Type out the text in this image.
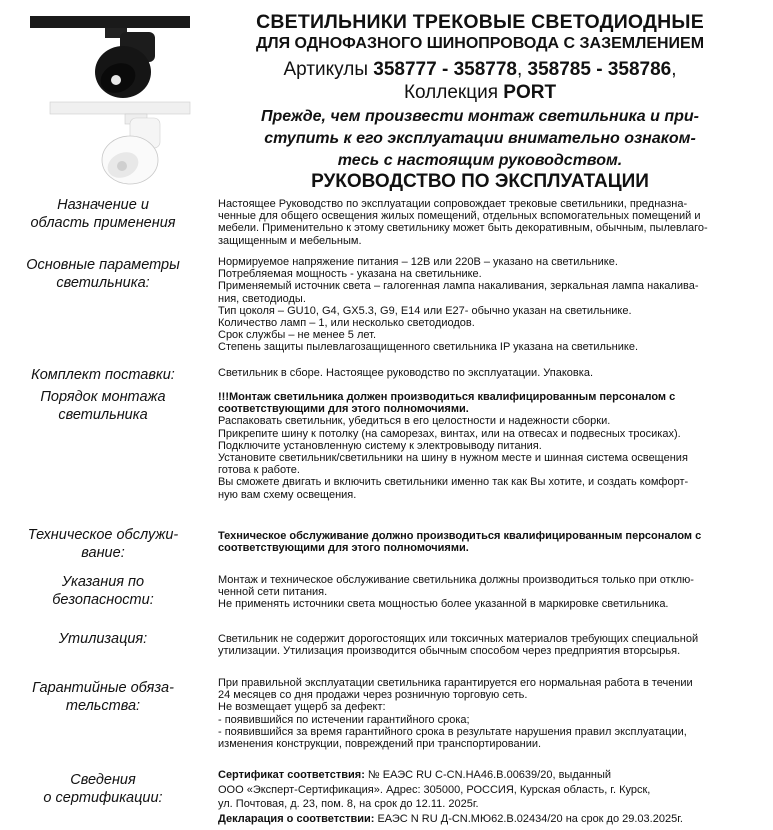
СВЕТИЛЬНИКИ ТРЕКОВЫЕ СВЕТОДИОДНЫЕ
ДЛЯ ОДНОФАЗНОГО ШИНОПРОВОДА С ЗАЗЕМЛЕНИЕМ
Артикулы 358777 - 358778, 358785 - 358786,
Коллекция PORT
Прежде, чем произвести монтаж светильника и при-
ступить к его эксплуатации внимательно ознаком-
тесь с настоящим руководством.
РУКОВОДСТВО ПО ЭКСПЛУАТАЦИИ
Назначение и
область применения
Настоящее Руководство по эксплуатации сопровождает трековые светильники, предназна-
ченные для общего освещения жилых помещений, отдельных вспомогательных помещений и
мебели. Применительно к этому светильнику может быть декоративным, обычным, пылевлаго-
защищенным и мебельным.
Основные параметры
светильника:
Нормируемое напряжение питания – 12В или 220В – указано на светильнике.
Потребляемая мощность - указана на светильнике.
Применяемый источник света – галогенная лампа накаливания, зеркальная лампа накалива-
ния, светодиоды.
Тип цоколя – GU10, G4, GX5.3, G9, E14 или E27- обычно указан на светильнике.
Количество ламп – 1, или несколько светодиодов.
Срок службы – не менее 5 лет.
Степень защиты пылевлагозащищенного светильника IP указана на светильнике.
Комплект поставки:	Светильник в сборе. Настоящее руководство по эксплуатации. Упаковка.
Порядок монтажа
светильника
!!!Монтаж светильника должен производиться квалифицированным персоналом с
соответствующими для этого полномочиями.
Распаковать светильник, убедиться в его целостности и надежности сборки.
Прикрепите шину к потолку (на саморезах, винтах, или на отвесах и подвесных тросиках).
Подключите установленную систему к электровыводу питания.
Установите светильник/светильники на шину в нужном месте и шинная система освещения
готова к работе.
Вы сможете двигать и включить светильники именно так как Вы хотите, и создать комфорт-
ную вам схему освещения.
Техническое обслужи-
вание:
Техническое обслуживание должно производиться квалифицированным персоналом с
соответствующими для этого полномочиями.
Указания по
безопасности:
Монтаж и техническое обслуживание светильника должны производиться только при отклю-
ченной сети питания.
Не применять источники света мощностью более указанной в маркировке светильника.
Утилизация:	Светильник не содержит дорогостоящих или токсичных материалов требующих специальной
утилизации. Утилизация производится обычным способом через предприятия вторсырья.
Гарантийные обяза-
тельства:
При правильной эксплуатации светильника гарантируется его нормальная работа в течении
24 месяцев со дня продажи через розничную торговую сеть.
Не возмещает ущерб за дефект:
- появившийся по истечении гарантийного срока;
- появившийся за время гарантийного срока в результате нарушения правил эксплуатации,
изменения конструкции, повреждений при транспортировании.
Сведения
о сертификации:
Сертификат соответствия: № ЕАЭС RU C-CN.HA46.B.00639/20, выданный
ООО «Эксперт-Сертификация». Адрес: 305000, РОССИЯ, Курская область, г. Курск,
ул. Почтовая, д. 23, пом. 8, на срок до 12.11. 2025г.
Декларация о соответствии: ЕАЭС N RU Д-CN.МЮ62.В.02434/20 на срок до 29.03.2025г.
